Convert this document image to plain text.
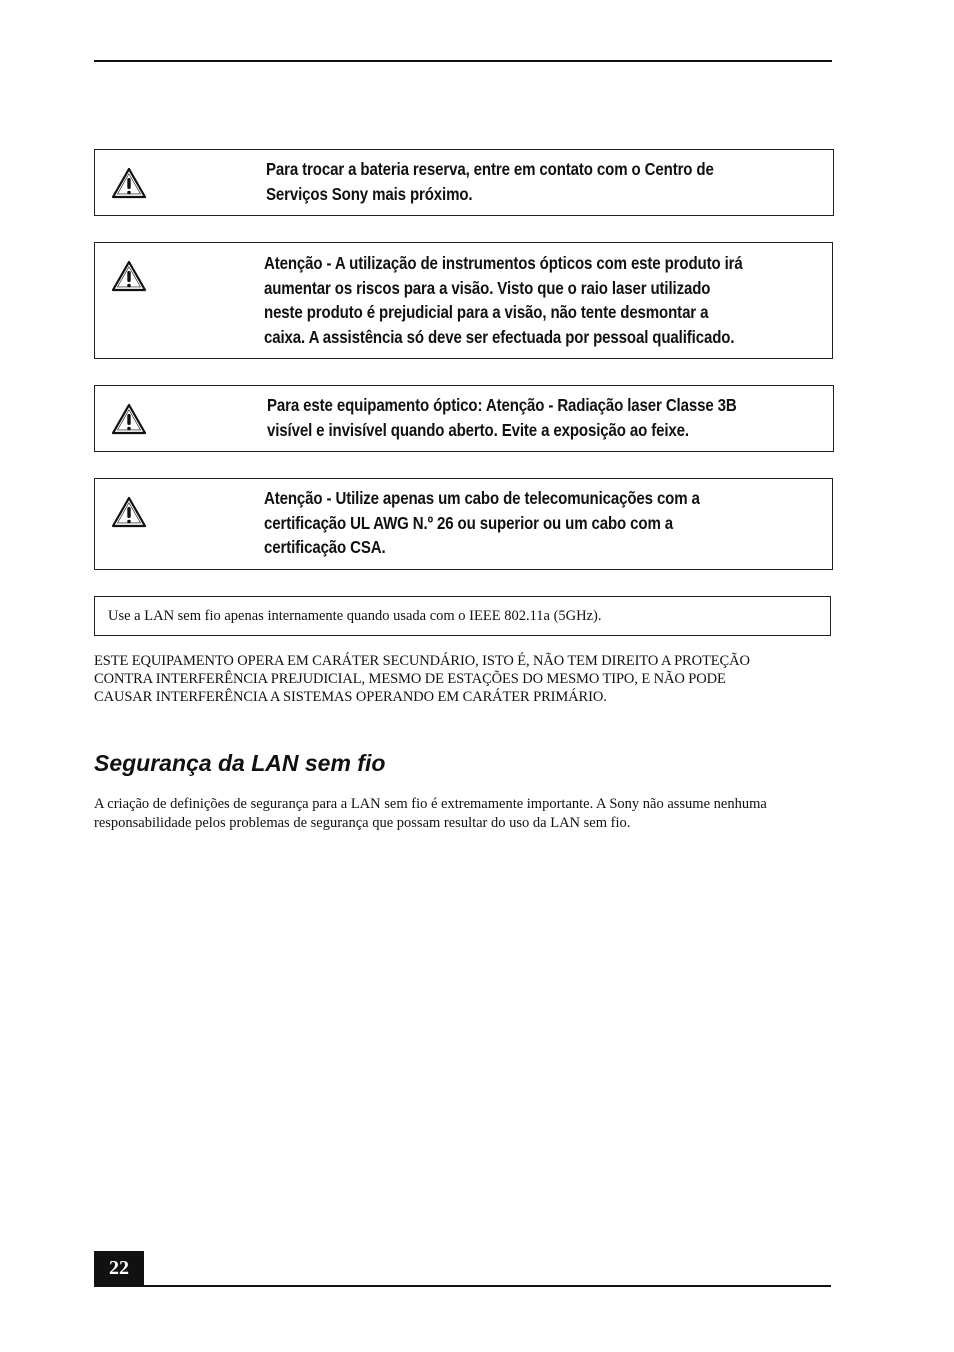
Para trocar a bateria reserva, entre em contato com o Centro de
Serviços Sony mais próximo.
Atenção - A utilização de instrumentos ópticos com este produto irá
aumentar os riscos para a visão. Visto que o raio laser utilizado
neste produto é prejudicial para a visão, não tente desmontar a
caixa. A assistência só deve ser efectuada por pessoal qualificado.
Para este equipamento óptico: Atenção - Radiação laser Classe 3B
visível e invisível quando aberto. Evite a exposição ao feixe.
Atenção - Utilize apenas um cabo de telecomunicações com a
certificação UL AWG N.º 26 ou superior ou um cabo com a
certificação CSA.
Use a LAN sem fio apenas internamente quando usada com o IEEE 802.11a (5GHz).
ESTE EQUIPAMENTO OPERA EM CARÁTER SECUNDÁRIO, ISTO É, NÃO TEM DIREITO A PROTEÇÃO
CONTRA INTERFERÊNCIA PREJUDICIAL, MESMO DE ESTAÇÕES DO MESMO TIPO, E NÃO PODE
CAUSAR INTERFERÊNCIA A SISTEMAS OPERANDO EM CARÁTER PRIMÁRIO.
Segurança da LAN sem fio
A criação de definições de segurança para a LAN sem fio é extremamente importante. A Sony não assume nenhuma
responsabilidade pelos problemas de segurança que possam resultar do uso da LAN sem fio.
22
